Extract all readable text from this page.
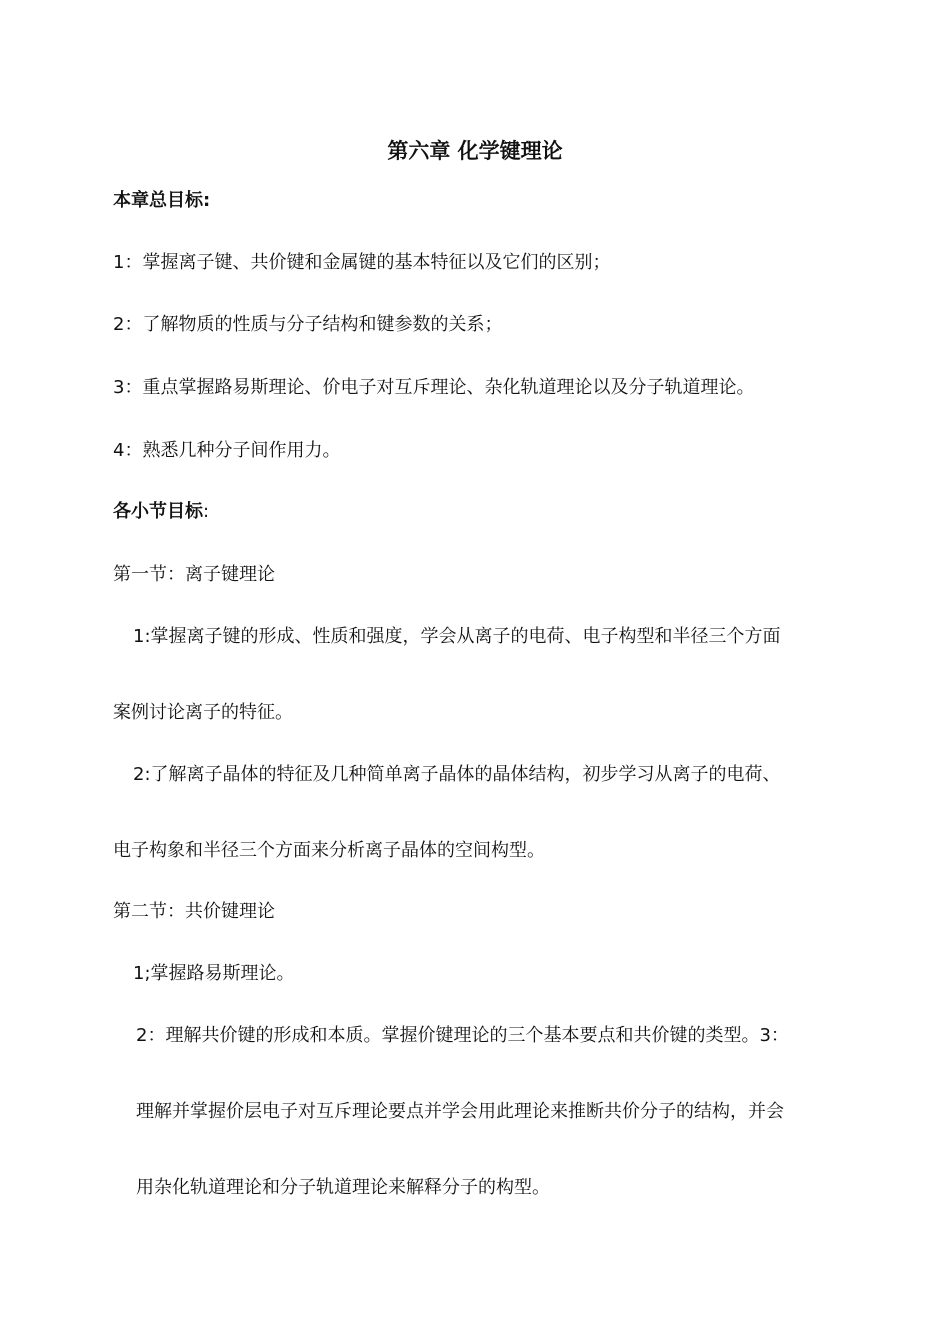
第六章 化学键理论
本章总目标:
1：掌握离子键、共价键和金属键的基本特征以及它们的区别；
2：了解物质的性质与分子结构和键参数的关系；
3：重点掌握路易斯理论、价电子对互斥理论、杂化轨道理论以及分子轨道理论。
4：熟悉几种分子间作用力。
各小节目标:
第一节：离子键理论
1:掌握离子键的形成、性质和强度，学会从离子的电荷、电子构型和半径三个方面
案例讨论离子的特征。
2:了解离子晶体的特征及几种简单离子晶体的晶体结构，初步学习从离子的电荷、
电子构象和半径三个方面来分析离子晶体的空间构型。
第二节：共价键理论
1;掌握路易斯理论。
2：理解共价键的形成和本质。掌握价键理论的三个基本要点和共价键的类型。3：
理解并掌握价层电子对互斥理论要点并学会用此理论来推断共价分子的结构，并会
用杂化轨道理论和分子轨道理论来解释分子的构型。
